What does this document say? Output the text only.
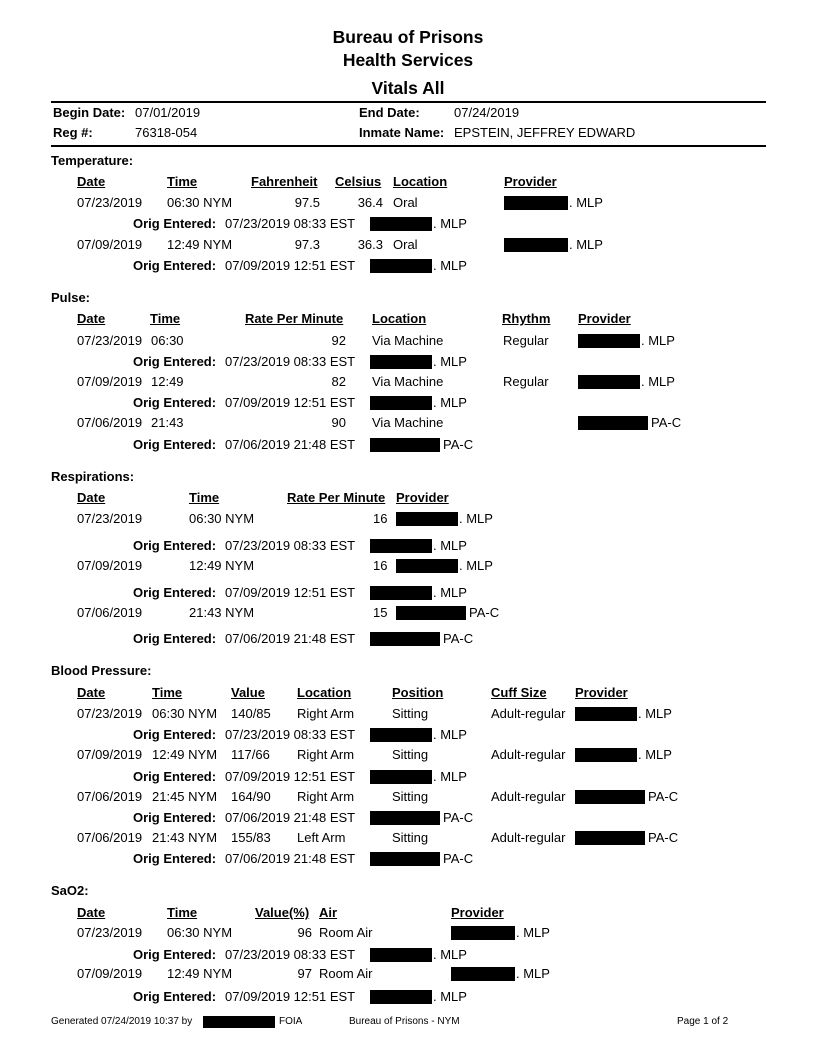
Bureau of Prisons
Health Services
Vitals All
Begin Date: 07/01/2019	End Date:	07/24/2019
Reg #:	76318-054	Inmate Name: EPSTEIN, JEFFREY EDWARD
Temperature:
Date	Time	Fahrenheit Celsius Location	Provider
07/23/2019 06:30 NYM	97.5	36.4 Oral	. MLP
Orig Entered: 07/23/2019 08:33 EST	. MLP
07/09/2019 12:49 NYM	97.3	36.3 Oral	. MLP
Orig Entered: 07/09/2019 12:51 EST	. MLP
Pulse:
Date	Time	Rate Per Minute Location	Rhythm Provider
07/23/2019 06:30	92 Via Machine	Regular	. MLP
Orig Entered: 07/23/2019 08:33 EST	. MLP
07/09/2019 12:49	82 Via Machine	Regular	. MLP
Orig Entered: 07/09/2019 12:51 EST	. MLP
07/06/2019 21:43	90 Via Machine	PA-C
Orig Entered: 07/06/2019 21:48 EST	PA-C
Respirations:
Date	Time	Rate Per Minute Provider
07/23/2019	06:30 NYM	16	. MLP
Orig Entered: 07/23/2019 08:33 EST	. MLP
07/09/2019	12:49 NYM	16	. MLP
Orig Entered: 07/09/2019 12:51 EST	. MLP
07/06/2019	21:43 NYM	15	PA-C
Orig Entered: 07/06/2019 21:48 EST	PA-C
Blood Pressure:
Date	Time	Value Location	Position	Cuff Size Provider
07/23/2019 06:30 NYM 140/85 Right Arm	Sitting	Adult-regular	. MLP
Orig Entered: 07/23/2019 08:33 EST	. MLP
07/09/2019 12:49 NYM 117/66 Right Arm	Sitting	Adult-regular	. MLP
Orig Entered: 07/09/2019 12:51 EST	. MLP
07/06/2019 21:45 NYM 164/90 Right Arm	Sitting	Adult-regular	PA-C
Orig Entered: 07/06/2019 21:48 EST	PA-C
07/06/2019 21:43 NYM 155/83 Left Arm	Sitting	Adult-regular	PA-C
Orig Entered: 07/06/2019 21:48 EST	PA-C
SaO2:
Date	Time	Value(%) Air	Provider
07/23/2019 06:30 NYM	96 Room Air	. MLP
Orig Entered: 07/23/2019 08:33 EST	. MLP
07/09/2019 12:49 NYM	97 Room Air	. MLP
Orig Entered: 07/09/2019 12:51 EST	. MLP
Generated 07/24/2019 10:37 by	FOIA	Bureau of Prisons - NYM	Page 1 of 2
